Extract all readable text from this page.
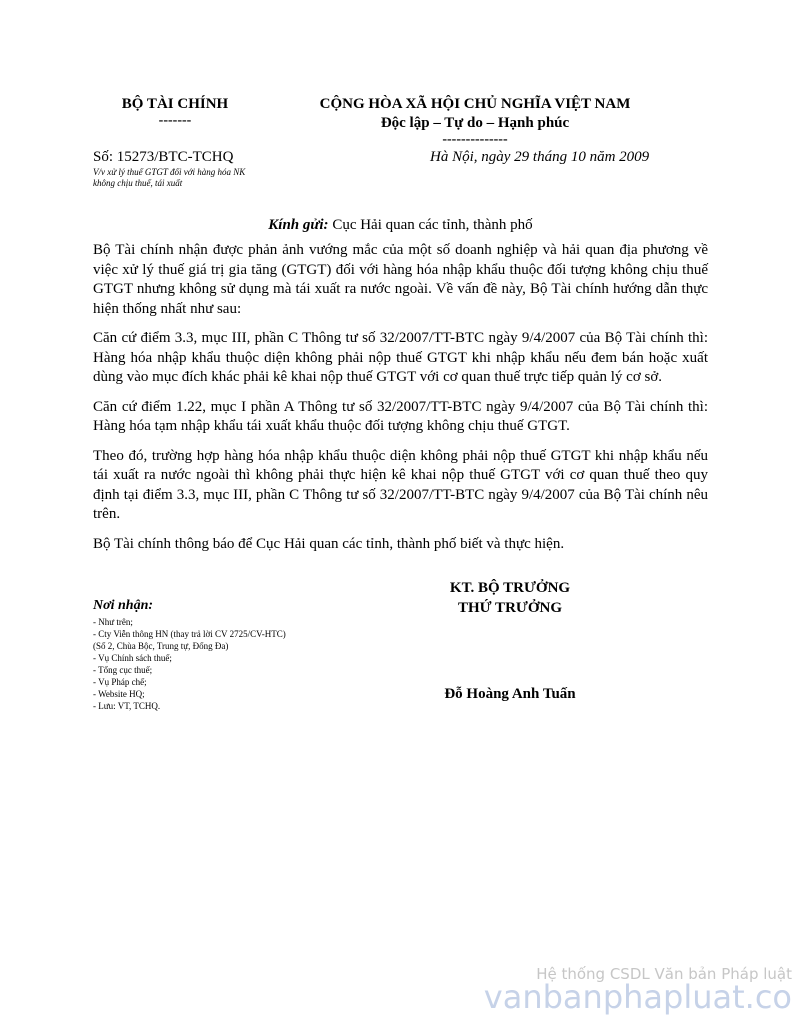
BỘ TÀI CHÍNH
-------
CỘNG HÒA XÃ HỘI CHỦ NGHĨA VIỆT NAM
Độc lập – Tự do – Hạnh phúc
--------------
Số: 15273/BTC-TCHQ
V/v xử lý thuế GTGT đối với hàng hóa NK
không chịu thuế, tái xuất
Hà Nội, ngày 29 tháng 10 năm 2009
Kính gửi: Cục Hải quan các tỉnh, thành phố

Bộ Tài chính nhận được phản ảnh vướng mắc của một số doanh nghiệp và hải quan địa phương về việc xử lý thuế giá trị gia tăng (GTGT) đối với hàng hóa nhập khẩu thuộc đối tượng không chịu thuế GTGT nhưng không sử dụng mà tái xuất ra nước ngoài. Về vấn đề này, Bộ Tài chính hướng dẫn thực hiện thống nhất như sau:

Căn cứ điểm 3.3, mục III, phần C Thông tư số 32/2007/TT-BTC ngày 9/4/2007 của Bộ Tài chính thì: Hàng hóa nhập khẩu thuộc diện không phải nộp thuế GTGT khi nhập khẩu nếu đem bán hoặc xuất dùng vào mục đích khác phải kê khai nộp thuế GTGT với cơ quan thuế trực tiếp quản lý cơ sở.

Căn cứ điểm 1.22, mục I phần A Thông tư số 32/2007/TT-BTC ngày 9/4/2007 của Bộ Tài chính thì: Hàng hóa tạm nhập khẩu tái xuất khẩu thuộc đối tượng không chịu thuế GTGT.

Theo đó, trường hợp hàng hóa nhập khẩu thuộc diện không phải nộp thuế GTGT khi nhập khẩu nếu tái xuất ra nước ngoài thì không phải thực hiện kê khai nộp thuế GTGT với cơ quan thuế theo quy định tại điểm 3.3, mục III, phần C Thông tư số 32/2007/TT-BTC ngày 9/4/2007 của Bộ Tài chính nêu trên.

Bộ Tài chính thông báo để Cục Hải quan các tỉnh, thành phố biết và thực hiện.

Nơi nhận:
- Như trên;
- Cty Viễn thông HN (thay trả lời CV 2725/CV-HTC)
(Số 2, Chùa Bộc, Trung tự, Đống Đa)
- Vụ Chính sách thuế;
- Tổng cục thuế;
- Vụ Pháp chế;
- Website HQ;
- Lưu: VT, TCHQ.
KT. BỘ TRƯỞNG
THỨ TRƯỞNG
Đỗ Hoàng Anh Tuấn
Hệ thống CSDL Văn bản Pháp luật
vanbanphapluat.co
